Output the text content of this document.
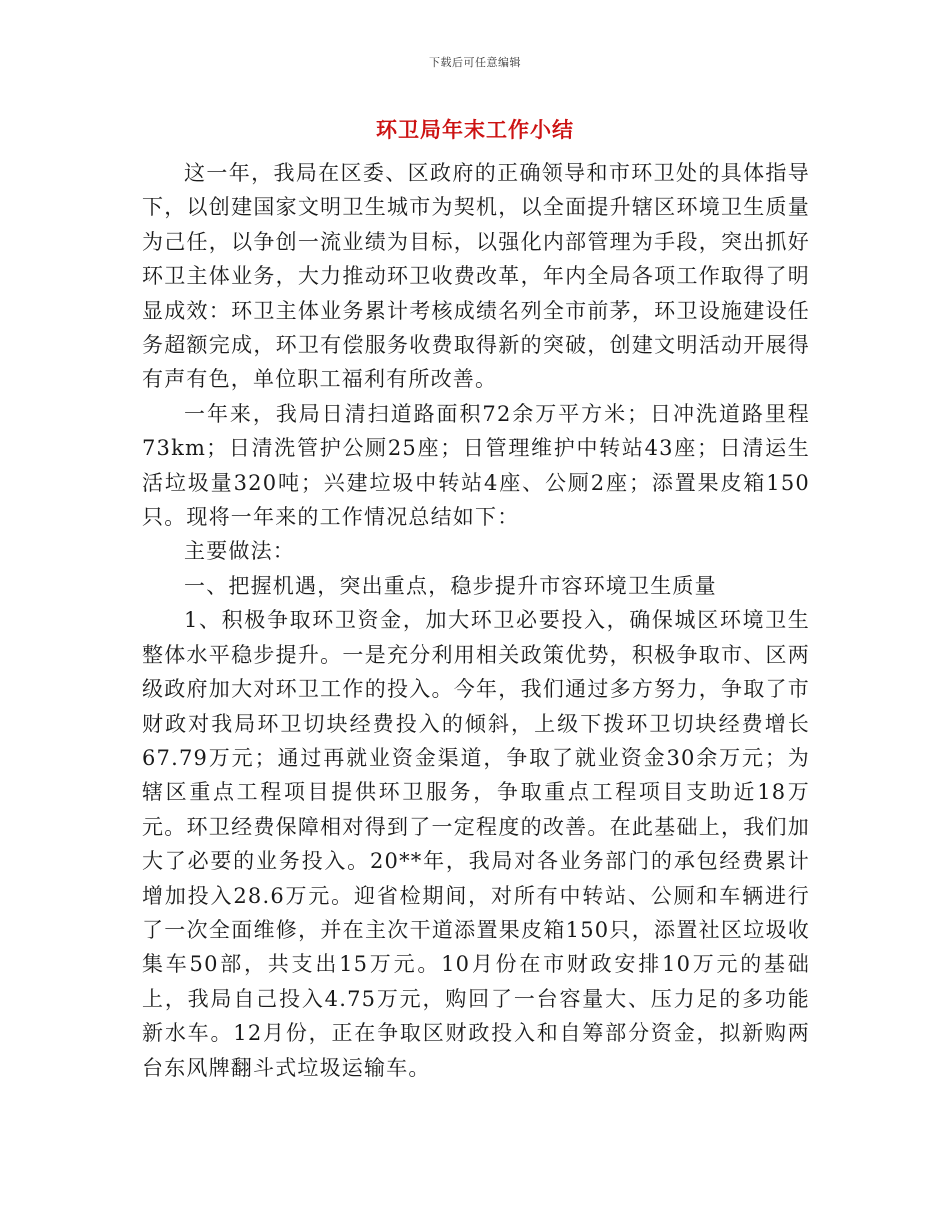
下载后可任意编辑
环卫局年末工作小结

这一年，我局在区委、区政府的正确领导和市环卫处的具体指导下，以创建国家文明卫生城市为契机，以全面提升辖区环境卫生质量为己任，以争创一流业绩为目标，以强化内部管理为手段，突出抓好环卫主体业务，大力推动环卫收费改革，年内全局各项工作取得了明显成效：环卫主体业务累计考核成绩名列全市前茅，环卫设施建设任务超额完成，环卫有偿服务收费取得新的突破，创建文明活动开展得有声有色，单位职工福利有所改善。

一年来，我局日清扫道路面积72余万平方米；日冲洗道路里程73km；日清洗管护公厕25座；日管理维护中转站43座；日清运生活垃圾量320吨；兴建垃圾中转站4座、公厕2座；添置果皮箱150只。现将一年来的工作情况总结如下：

主要做法：

一、把握机遇，突出重点，稳步提升市容环境卫生质量

1、积极争取环卫资金，加大环卫必要投入，确保城区环境卫生整体水平稳步提升。一是充分利用相关政策优势，积极争取市、区两级政府加大对环卫工作的投入。今年，我们通过多方努力，争取了市财政对我局环卫切块经费投入的倾斜，上级下拨环卫切块经费增长67.79万元；通过再就业资金渠道，争取了就业资金30余万元；为辖区重点工程项目提供环卫服务，争取重点工程项目支助近18万元。环卫经费保障相对得到了一定程度的改善。在此基础上，我们加大了必要的业务投入。20**年，我局对各业务部门的承包经费累计增加投入28.6万元。迎省检期间，对所有中转站、公厕和车辆进行了一次全面维修，并在主次干道添置果皮箱150只，添置社区垃圾收集车50部，共支出15万元。10月份在市财政安排10万元的基础上，我局自己投入4.75万元，购回了一台容量大、压力足的多功能新水车。12月份，正在争取区财政投入和自筹部分资金，拟新购两台东风牌翻斗式垃圾运输车。
